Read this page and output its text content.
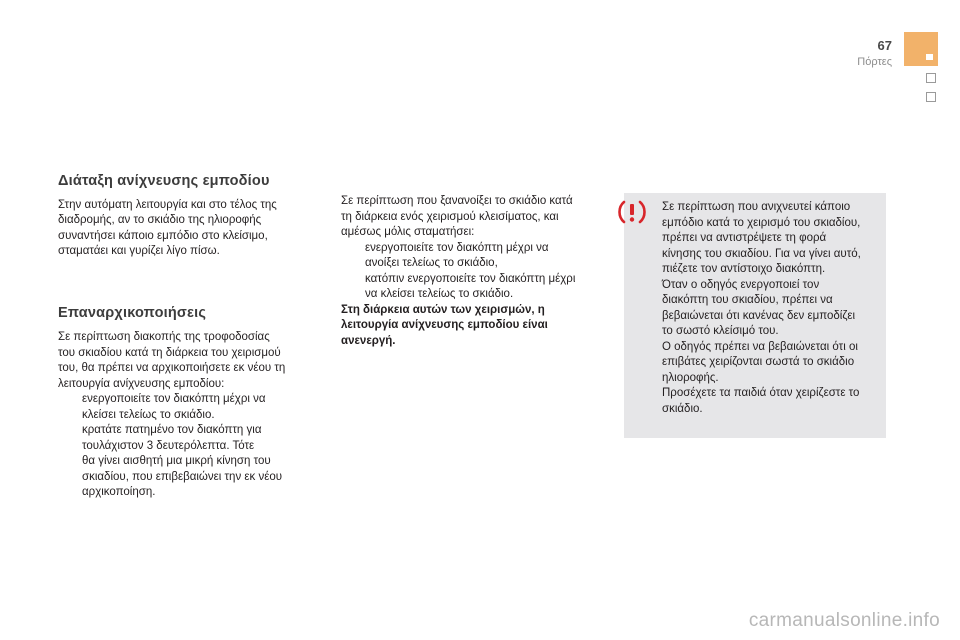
67
Πόρτες
Διάταξη ανίχνευσης εμποδίου

Στην αυτόματη λειτουργία και στο τέλος της

διαδρομής, αν το σκιάδιο της ηλιοροφής

συναντήσει κάποιο εμπόδιο στο κλείσιμο,

σταματάει και γυρίζει λίγο πίσω.

Επαναρχικοποιήσεις

Σε περίπτωση διακοπής της τροφοδοσίας

του σκιαδίου κατά τη διάρκεια του χειρισμού

του, θα πρέπει να αρχικοποιήσετε εκ νέου τη

λειτουργία ανίχνευσης εμποδίου:

ενεργοποιείτε τον διακόπτη μέχρι να

κλείσει τελείως το σκιάδιο.

κρατάτε πατημένο τον διακόπτη για

τουλάχιστον 3 δευτερόλεπτα. Τότε

θα γίνει αισθητή μια μικρή κίνηση του

σκιαδίου, που επιβεβαιώνει την εκ νέου

αρχικοποίηση.

Σε περίπτωση που ξανανοίξει το σκιάδιο κατά

τη διάρκεια ενός χειρισμού κλεισίματος, και

αμέσως μόλις σταματήσει:

ενεργοποιείτε τον διακόπτη μέχρι να

ανοίξει τελείως το σκιάδιο,

κατόπιν ενεργοποιείτε τον διακόπτη μέχρι

να κλείσει τελείως το σκιάδιο.

Στη διάρκεια αυτών των χειρισμών, η

λειτουργία ανίχνευσης εμποδίου είναι

ανενεργή.

Σε περίπτωση που ανιχνευτεί κάποιο

εμπόδιο κατά το χειρισμό του σκιαδίου,

πρέπει να αντιστρέψετε τη φορά

κίνησης του σκιαδίου. Για να γίνει αυτό,

πιέζετε τον αντίστοιχο διακόπτη.

Όταν ο οδηγός ενεργοποιεί τον

διακόπτη του σκιαδίου, πρέπει να

βεβαιώνεται ότι κανένας δεν εμποδίζει

το σωστό κλείσιμό του.

Ο οδηγός πρέπει να βεβαιώνεται ότι οι

επιβάτες χειρίζονται σωστά το σκιάδιο

ηλιοροφής.

Προσέχετε τα παιδιά όταν χειρίζεστε το

σκιάδιο.

carmanualsonline.info
